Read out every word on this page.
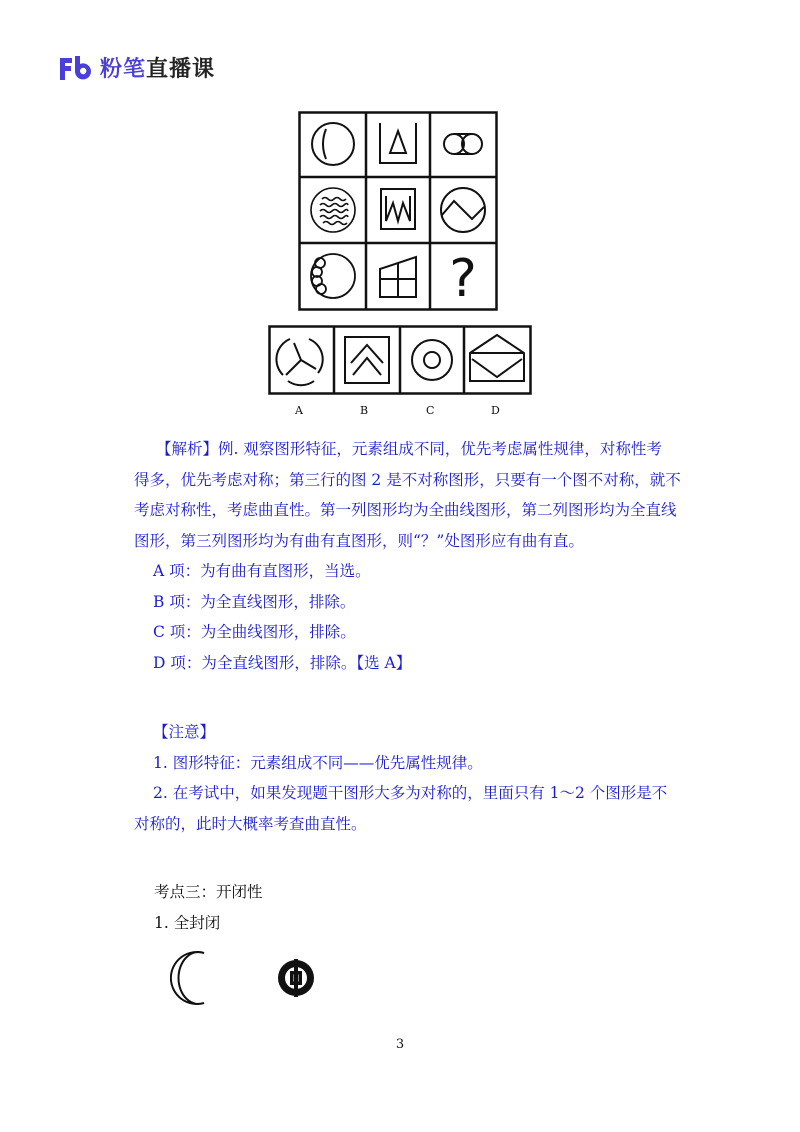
粉笔直播课
?
A	B	C	D
【解析】例. 观察图形特征，元素组成不同，优先考虑属性规律，对称性考
得多，优先考虑对称；第三行的图 2 是不对称图形，只要有一个图不对称，就不
考虑对称性，考虑曲直性。第一列图形均为全曲线图形，第二列图形均为全直线
图形，第三列图形均为有曲有直图形，则“？”处图形应有曲有直。
A 项：为有曲有直图形，当选。
B 项：为全直线图形，排除。
C 项：为全曲线图形，排除。
D 项：为全直线图形，排除。【选 A】
【注意】
1. 图形特征：元素组成不同——优先属性规律。
2. 在考试中，如果发现题干图形大多为对称的，里面只有 1～2 个图形是不
对称的，此时大概率考查曲直性。
考点三：开闭性
1. 全封闭
3
